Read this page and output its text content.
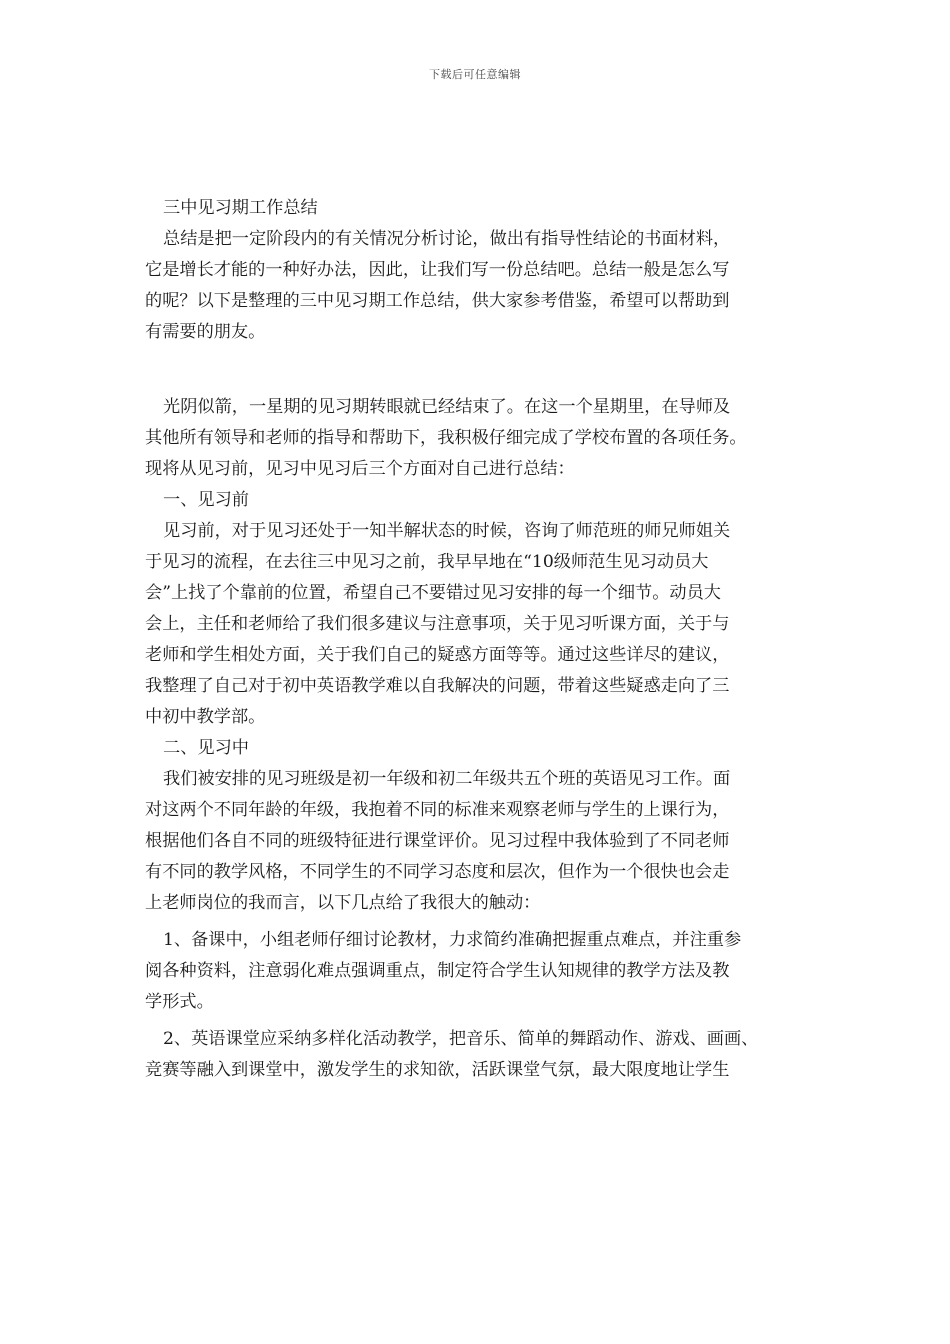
下载后可任意编辑

三中见习期工作总结

总结是把一定阶段内的有关情况分析讨论，做出有指导性结论的书面材料，

它是增长才能的一种好办法，因此，让我们写一份总结吧。总结一般是怎么写

的呢？以下是整理的三中见习期工作总结，供大家参考借鉴，希望可以帮助到

有需要的朋友。

光阴似箭，一星期的见习期转眼就已经结束了。在这一个星期里，在导师及

其他所有领导和老师的指导和帮助下，我积极仔细完成了学校布置的各项任务。

现将从见习前，见习中见习后三个方面对自己进行总结：

一、见习前

见习前，对于见习还处于一知半解状态的时候，咨询了师范班的师兄师姐关

于见习的流程，在去往三中见习之前，我早早地在“10级师范生见习动员大

会”上找了个靠前的位置，希望自己不要错过见习安排的每一个细节。动员大

会上，主任和老师给了我们很多建议与注意事项，关于见习听课方面，关于与

老师和学生相处方面，关于我们自己的疑惑方面等等。通过这些详尽的建议，

我整理了自己对于初中英语教学难以自我解决的问题，带着这些疑惑走向了三

中初中教学部。

二、见习中

我们被安排的见习班级是初一年级和初二年级共五个班的英语见习工作。面

对这两个不同年龄的年级，我抱着不同的标准来观察老师与学生的上课行为，

根据他们各自不同的班级特征进行课堂评价。见习过程中我体验到了不同老师

有不同的教学风格，不同学生的不同学习态度和层次，但作为一个很快也会走

上老师岗位的我而言，以下几点给了我很大的触动：

1、备课中，小组老师仔细讨论教材，力求简约准确把握重点难点，并注重参

阅各种资料，注意弱化难点强调重点，制定符合学生认知规律的教学方法及教

学形式。

2、英语课堂应采纳多样化活动教学，把音乐、简单的舞蹈动作、游戏、画画、

竞赛等融入到课堂中，激发学生的求知欲，活跃课堂气氛，最大限度地让学生
